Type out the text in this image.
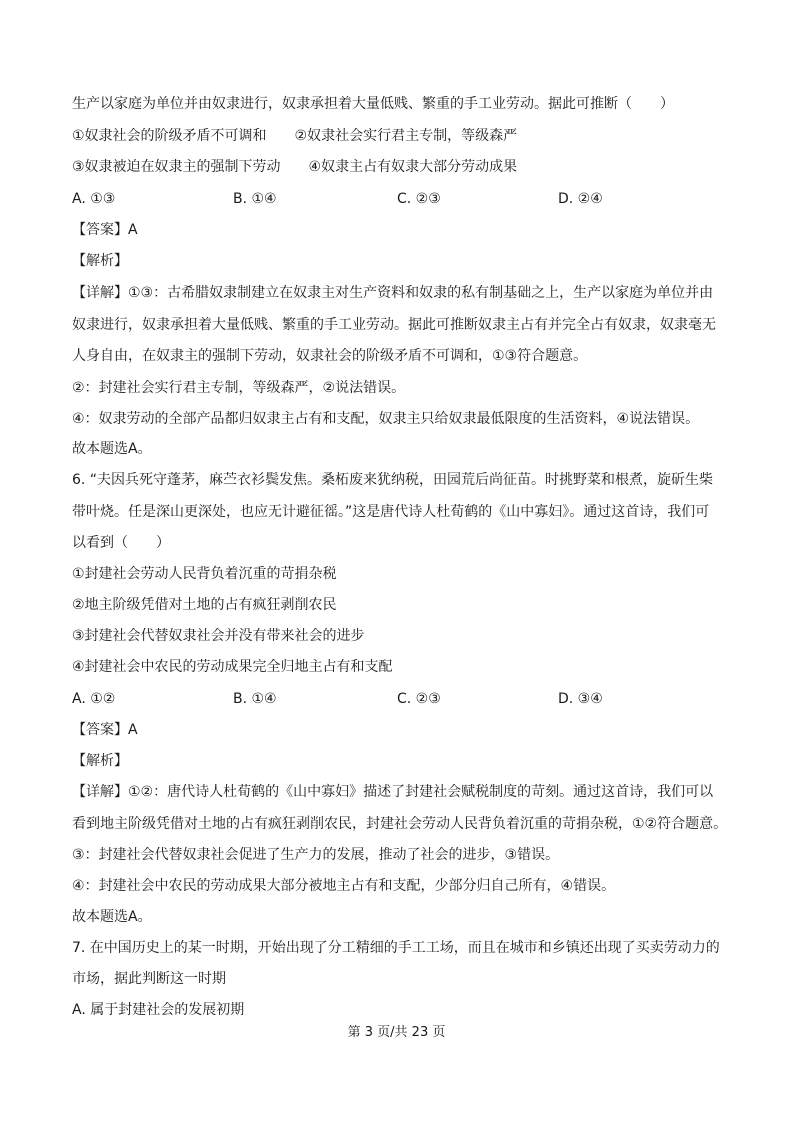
生产以家庭为单位并由奴隶进行，奴隶承担着大量低贱、繁重的手工业劳动。据此可推断（　　）
①奴隶社会的阶级矛盾不可调和　　②奴隶社会实行君主专制，等级森严
③奴隶被迫在奴隶主的强制下劳动　　④奴隶主占有奴隶大部分劳动成果
A. ①③	B. ①④	C. ②③	D. ②④
【答案】A
【解析】
【详解】①③：古希腊奴隶制建立在奴隶主对生产资料和奴隶的私有制基础之上，生产以家庭为单位并由
奴隶进行，奴隶承担着大量低贱、繁重的手工业劳动。据此可推断奴隶主占有并完全占有奴隶，奴隶毫无
人身自由，在奴隶主的强制下劳动，奴隶社会的阶级矛盾不可调和，①③符合题意。
②：封建社会实行君主专制，等级森严，②说法错误。
④：奴隶劳动的全部产品都归奴隶主占有和支配，奴隶主只给奴隶最低限度的生活资料，④说法错误。
故本题选A。
6. “夫因兵死守蓬茅，麻苎衣衫鬓发焦。桑柘废来犹纳税，田园荒后尚征苗。时挑野菜和根煮，旋斫生柴
带叶烧。任是深山更深处，也应无计避征徭。”这是唐代诗人杜荀鹤的《山中寡妇》。通过这首诗，我们可
以看到（　　）
①封建社会劳动人民背负着沉重的苛捐杂税
②地主阶级凭借对土地的占有疯狂剥削农民
③封建社会代替奴隶社会并没有带来社会的进步
④封建社会中农民的劳动成果完全归地主占有和支配
A. ①②	B. ①④	C. ②③	D. ③④
【答案】A
【解析】
【详解】①②：唐代诗人杜荀鹤的《山中寡妇》描述了封建社会赋税制度的苛刻。通过这首诗，我们可以
看到地主阶级凭借对土地的占有疯狂剥削农民，封建社会劳动人民背负着沉重的苛捐杂税，①②符合题意。
③：封建社会代替奴隶社会促进了生产力的发展，推动了社会的进步，③错误。
④：封建社会中农民的劳动成果大部分被地主占有和支配，少部分归自己所有，④错误。
故本题选A。
7. 在中国历史上的某一时期，开始出现了分工精细的手工工场，而且在城市和乡镇还出现了买卖劳动力的
市场，据此判断这一时期
A. 属于封建社会的发展初期
第 3 页/共 23 页
